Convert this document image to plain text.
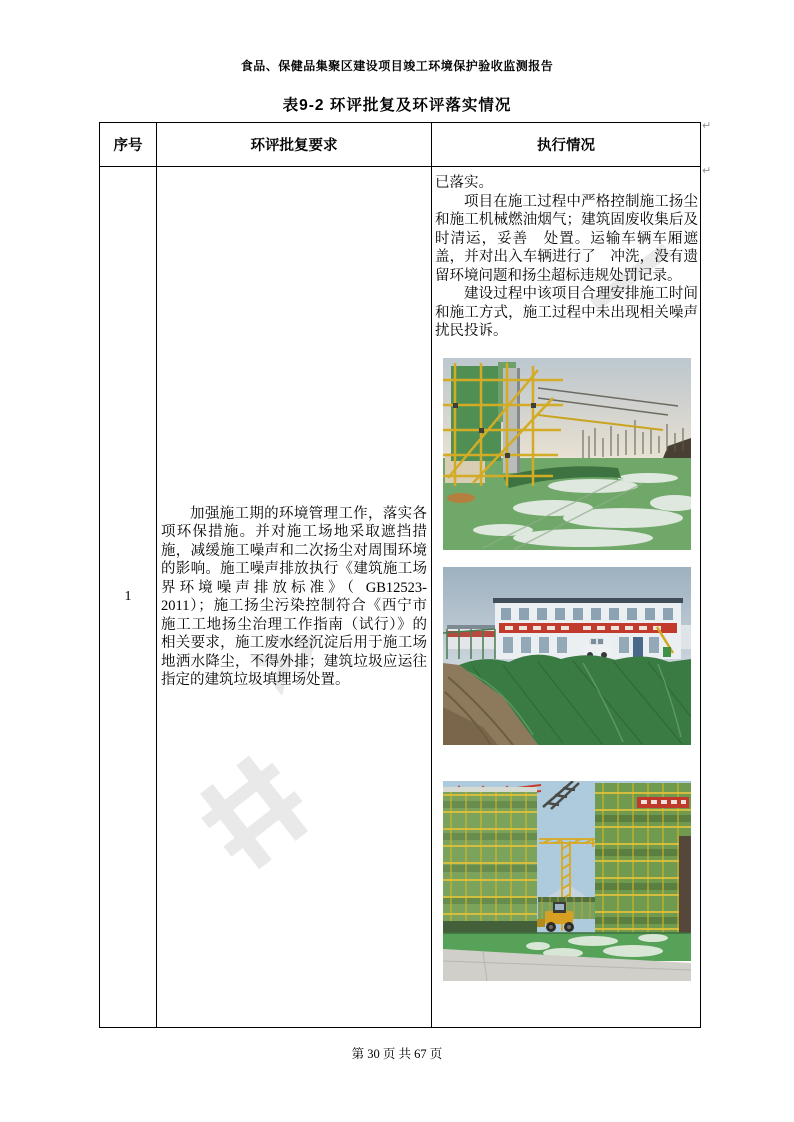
食品、保健品集聚区建设项目竣工环境保护验收监测报告
表9-2 环评批复及环评落实情况
↵
↵
序号	环评批复要求	执行情况
1

加强施工期的环境管理工作，落实各项环保措施。并对施工场地采取遮挡措施，减缓施工噪声和二次扬尘对周围环境的影响。施工噪声排放执行《建筑施工场界环境噪声排放标准》（ GB12523-2011）；施工扬尘污染控制符合《西宁市施工工地扬尘治理工作指南（试行）》的相关要求，施工废水经沉淀后用于施工场地洒水降尘，不得外排；建筑垃圾应运往指定的建筑垃圾填埋场处置。

已落实。

项目在施工过程中严格控制施工扬尘和施工机械燃油烟气；建筑固废收集后及时清运，妥善　处置。运输车辆车厢遮盖，并对出入车辆进行了　冲洗，没有遗留环境问题和扬尘超标违规处罚记录。

建设过程中该项目合理安排施工时间和施工方式，施工过程中未出现相关噪声扰民投诉。

第 30 页 共 67 页
